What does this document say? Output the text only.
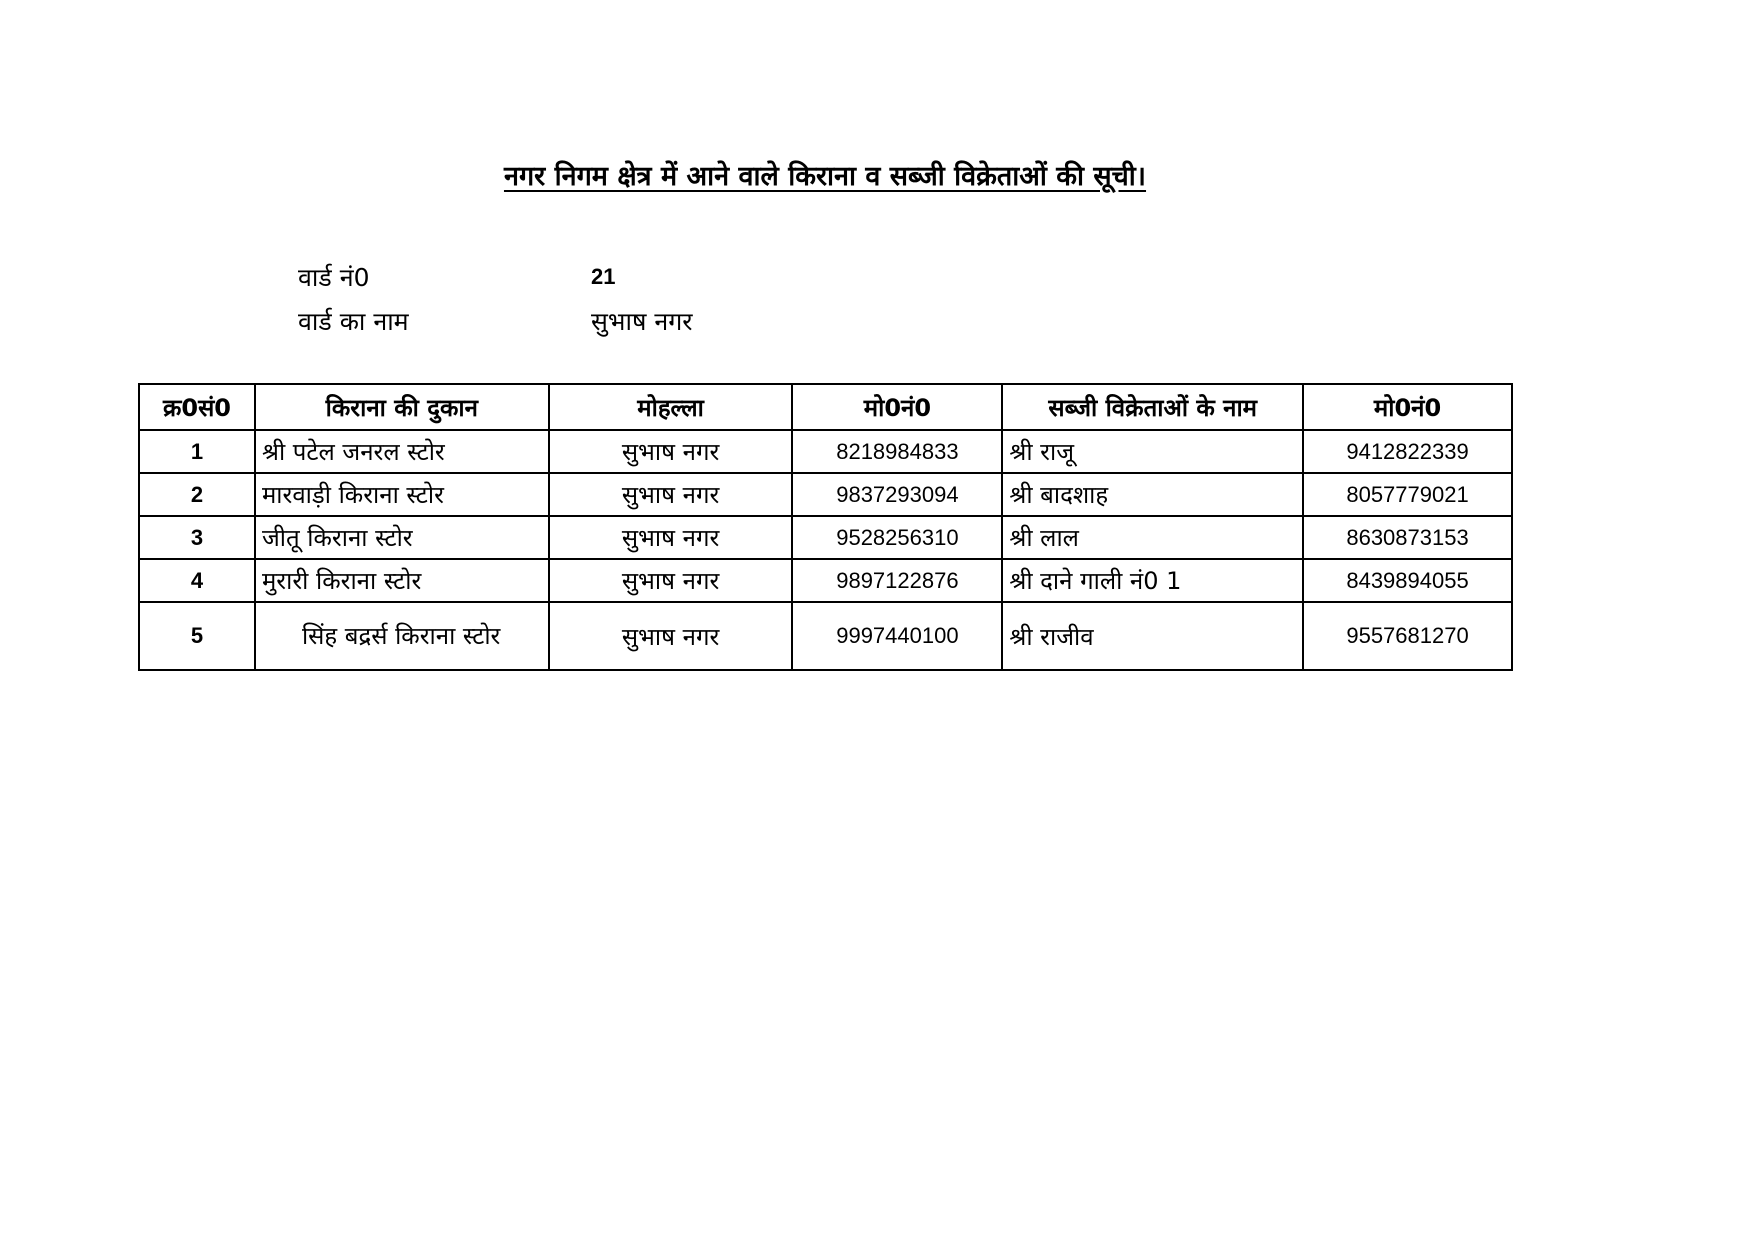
नगर निगम क्षेत्र में आने वाले किराना व सब्जी विक्रेताओं की सूची।
वार्ड नं0	21
वार्ड का नाम	सुभाष नगर
क्र0सं0	किराना की दुकान	मोहल्ला	मो0नं0	सब्जी विक्रेताओं के नाम	मो0नं0
1	श्री पटेल जनरल स्टोर	सुभाष नगर	8218984833	श्री राजू	9412822339
2	मारवाड़ी किराना स्टोर	सुभाष नगर	9837293094	श्री बादशाह	8057779021
3	जीतू किराना स्टोर	सुभाष नगर	9528256310	श्री लाल	8630873153
4	मुरारी किराना स्टोर	सुभाष नगर	9897122876	श्री दाने गाली नं0 1	8439894055
5	सिंह बद्रर्स किराना स्टोर	सुभाष नगर	9997440100	श्री राजीव	9557681270
